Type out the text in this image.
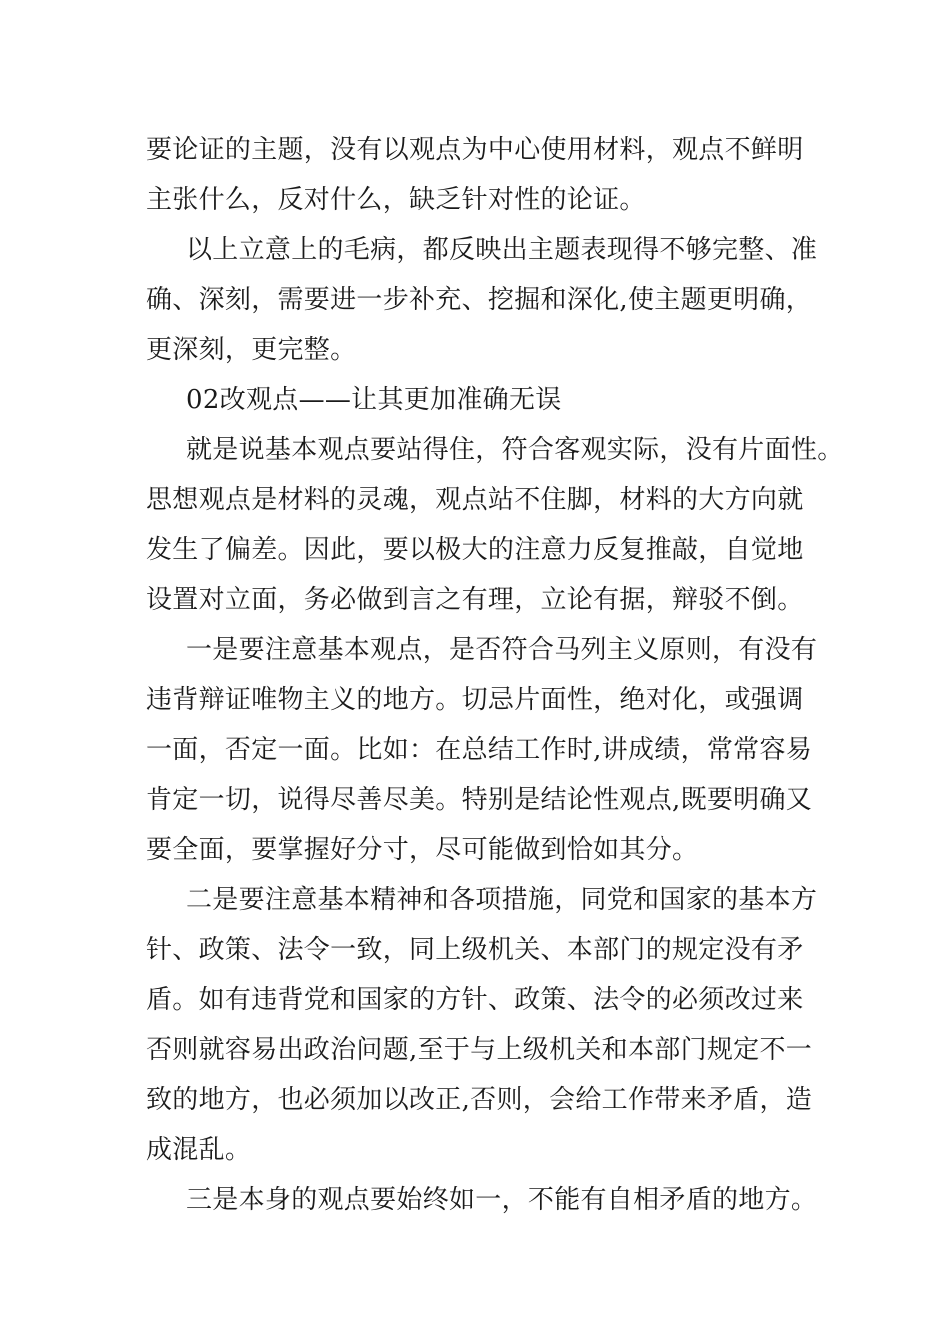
要论证的主题，没有以观点为中心使用材料，观点不鲜明
主张什么，反对什么，缺乏针对性的论证。
以上立意上的毛病，都反映出主题表现得不够完整、准
确、深刻，需要进一步补充、挖掘和深化,使主题更明确，
更深刻，更完整。
02改观点——让其更加准确无误
就是说基本观点要站得住，符合客观实际，没有片面性。
思想观点是材料的灵魂，观点站不住脚，材料的大方向就
发生了偏差。因此，要以极大的注意力反复推敲，自觉地
设置对立面，务必做到言之有理，立论有据，辩驳不倒。
一是要注意基本观点，是否符合马列主义原则，有没有
违背辩证唯物主义的地方。切忌片面性，绝对化，或强调
一面，否定一面。比如：在总结工作时,讲成绩，常常容易
肯定一切，说得尽善尽美。特别是结论性观点,既要明确又
要全面，要掌握好分寸，尽可能做到恰如其分。
二是要注意基本精神和各项措施，同党和国家的基本方
针、政策、法令一致，同上级机关、本部门的规定没有矛
盾。如有违背党和国家的方针、政策、法令的必须改过来
否则就容易出政治问题,至于与上级机关和本部门规定不一
致的地方，也必须加以改正,否则，会给工作带来矛盾，造
成混乱。
三是本身的观点要始终如一，不能有自相矛盾的地方。
